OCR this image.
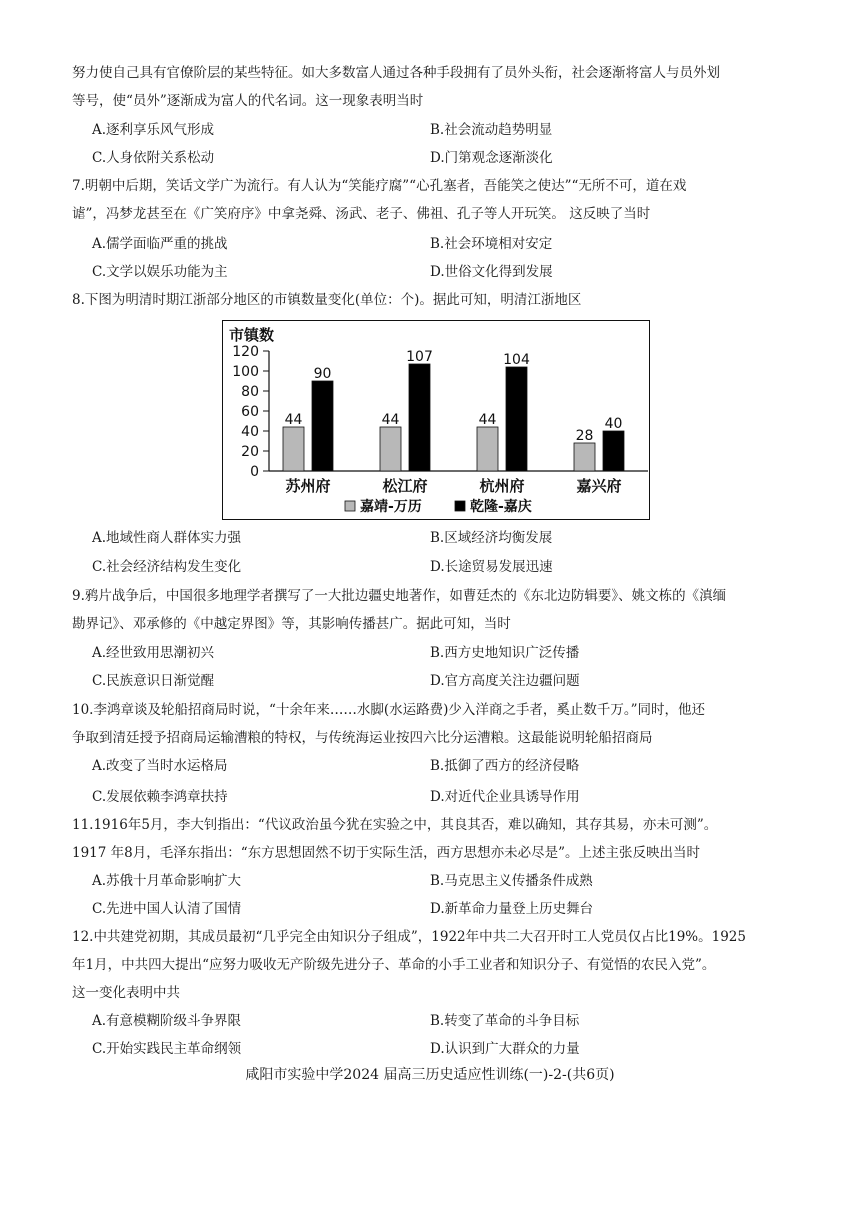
努力使自己具有官僚阶层的某些特征。如大多数富人通过各种手段拥有了员外头衔，社会逐渐将富人与员外划
等号，使“员外”逐渐成为富人的代名词。这一现象表明当时
A.逐利享乐风气形成	B.社会流动趋势明显
C.人身依附关系松动	D.门第观念逐渐淡化
7.明朝中后期，笑话文学广为流行。有人认为“笑能疗腐”“心孔塞者，吾能笑之使达”“无所不可，道在戏
谑”，冯梦龙甚至在《广笑府序》中拿尧舜、汤武、老子、佛祖、孔子等人开玩笑。 这反映了当时
A.儒学面临严重的挑战	B.社会环境相对安定
C.文学以娱乐功能为主	D.世俗文化得到发展
8.下图为明清时期江浙部分地区的市镇数量变化(单位：个)。据此可知，明清江浙地区
市镇数
0
20
40
60
80
100
120
44
90
44
107
44
104
28
40
苏州府	松江府	杭州府	嘉兴府
嘉靖-万历	乾隆-嘉庆
A.地域性商人群体实力强	B.区域经济均衡发展
C.社会经济结构发生变化	D.长途贸易发展迅速
9.鸦片战争后，中国很多地理学者撰写了一大批边疆史地著作，如曹廷杰的《东北边防辑要》、姚文栋的《滇缅
勘界记》、邓承修的《中越定界图》等，其影响传播甚广。据此可知，当时
A.经世致用思潮初兴	B.西方史地知识广泛传播
C.民族意识日渐觉醒	D.官方高度关注边疆问题
10.李鸿章谈及轮船招商局时说，“十余年来……水脚(水运路费)少入洋商之手者，奚止数千万。”同时，他还
争取到清廷授予招商局运输漕粮的特权，与传统海运业按四六比分运漕粮。这最能说明轮船招商局
A.改变了当时水运格局	B.抵御了西方的经济侵略
C.发展依赖李鸿章扶持	D.对近代企业具诱导作用
11.1916年5月，李大钊指出：“代议政治虽今犹在实验之中，其良其否，难以确知，其存其易，亦未可测”。
1917 年8月，毛泽东指出：“东方思想固然不切于实际生活，西方思想亦未必尽是”。上述主张反映出当时
A.苏俄十月革命影响扩大	B.马克思主义传播条件成熟
C.先进中国人认清了国情	D.新革命力量登上历史舞台
12.中共建党初期，其成员最初“几乎完全由知识分子组成”，1922年中共二大召开时工人党员仅占比19%。1925
年1月，中共四大提出“应努力吸收无产阶级先进分子、革命的小手工业者和知识分子、有觉悟的农民入党”。
这一变化表明中共
A.有意模糊阶级斗争界限	B.转变了革命的斗争目标
C.开始实践民主革命纲领	D.认识到广大群众的力量
咸阳市实验中学2024 届高三历史适应性训练(一)-2-(共6页)
